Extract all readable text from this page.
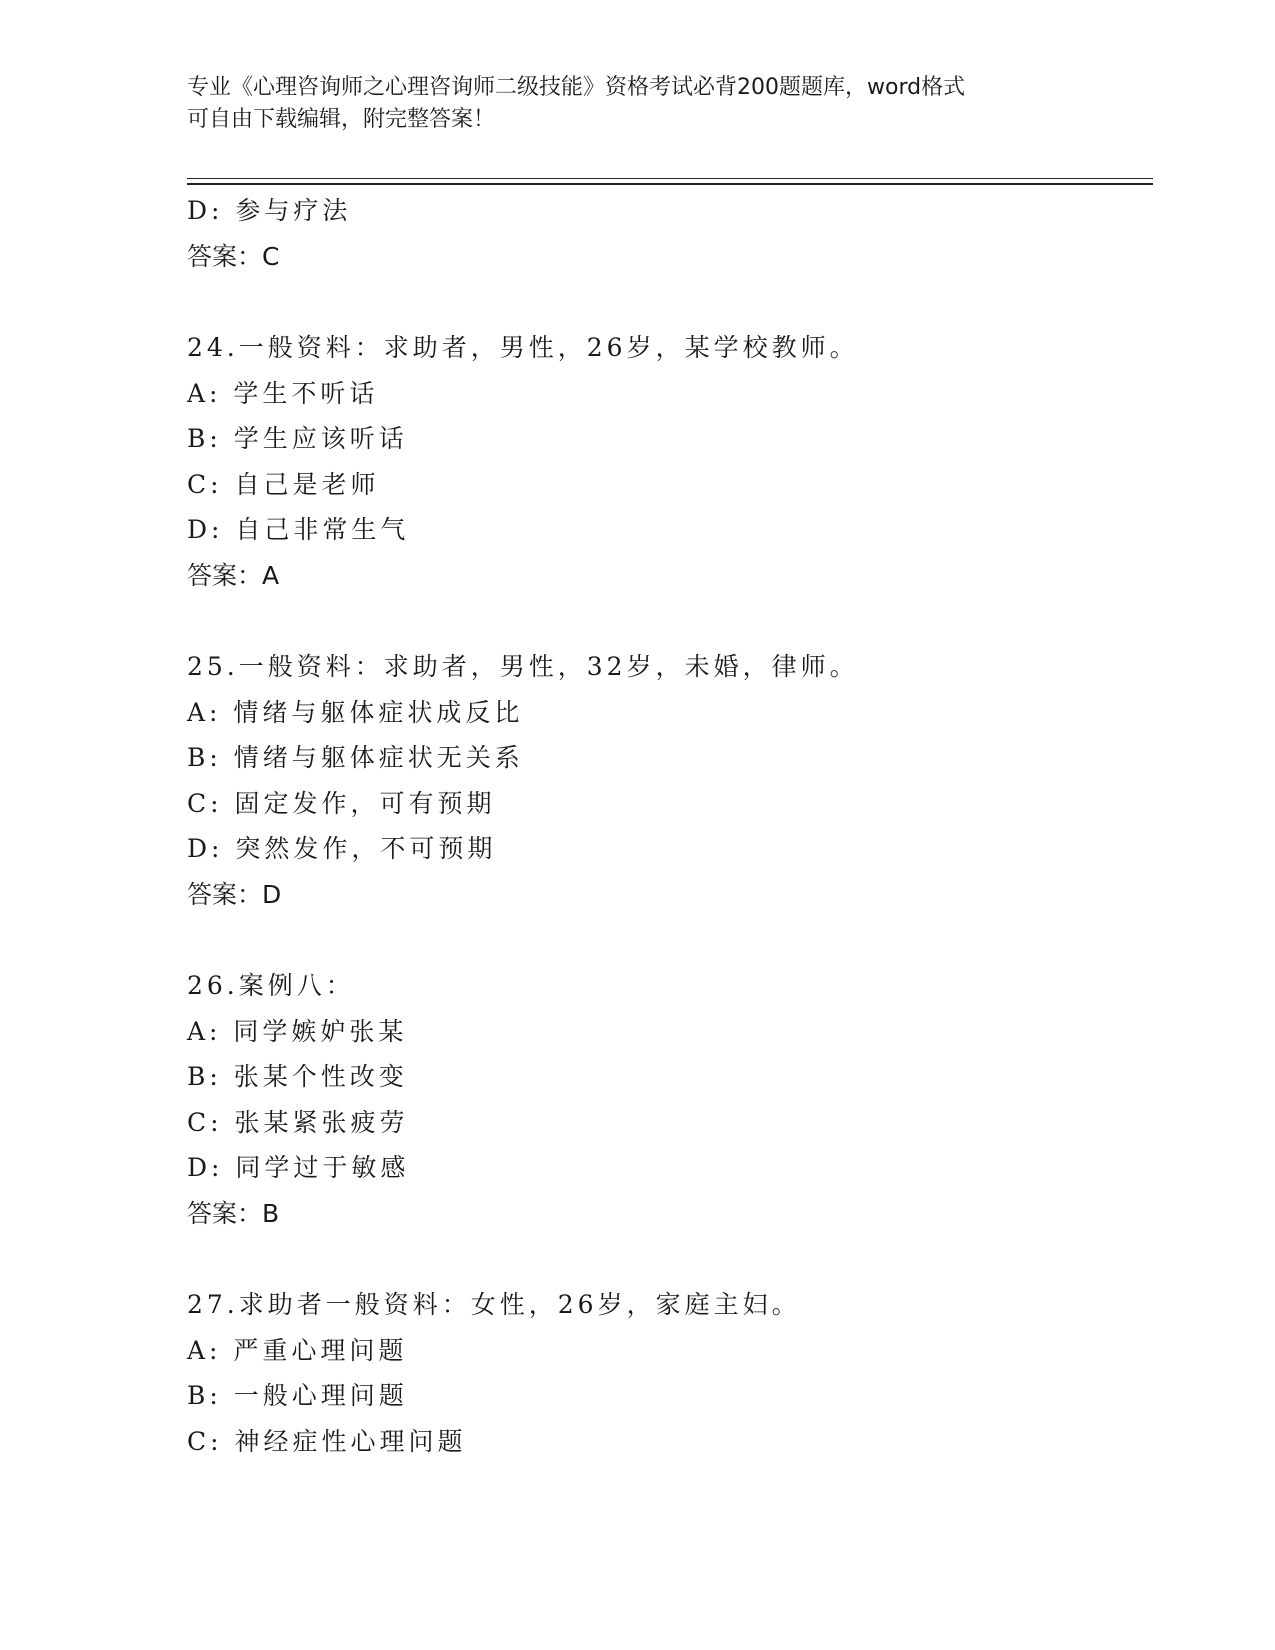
专业《心理咨询师之心理咨询师二级技能》资格考试必背200题题库，word格式
可自由下载编辑，附完整答案！
D: 参与疗法
答案：C
24.一般资料：求助者，男性，26岁，某学校教师。
A: 学生不听话
B: 学生应该听话
C: 自己是老师
D: 自己非常生气
答案：A
25.一般资料：求助者，男性，32岁，未婚，律师。
A: 情绪与躯体症状成反比
B: 情绪与躯体症状无关系
C: 固定发作，可有预期
D: 突然发作，不可预期
答案：D
26.案例八：
A: 同学嫉妒张某
B: 张某个性改变
C: 张某紧张疲劳
D: 同学过于敏感
答案：B
27.求助者一般资料：女性，26岁，家庭主妇。
A: 严重心理问题
B: 一般心理问题
C: 神经症性心理问题
